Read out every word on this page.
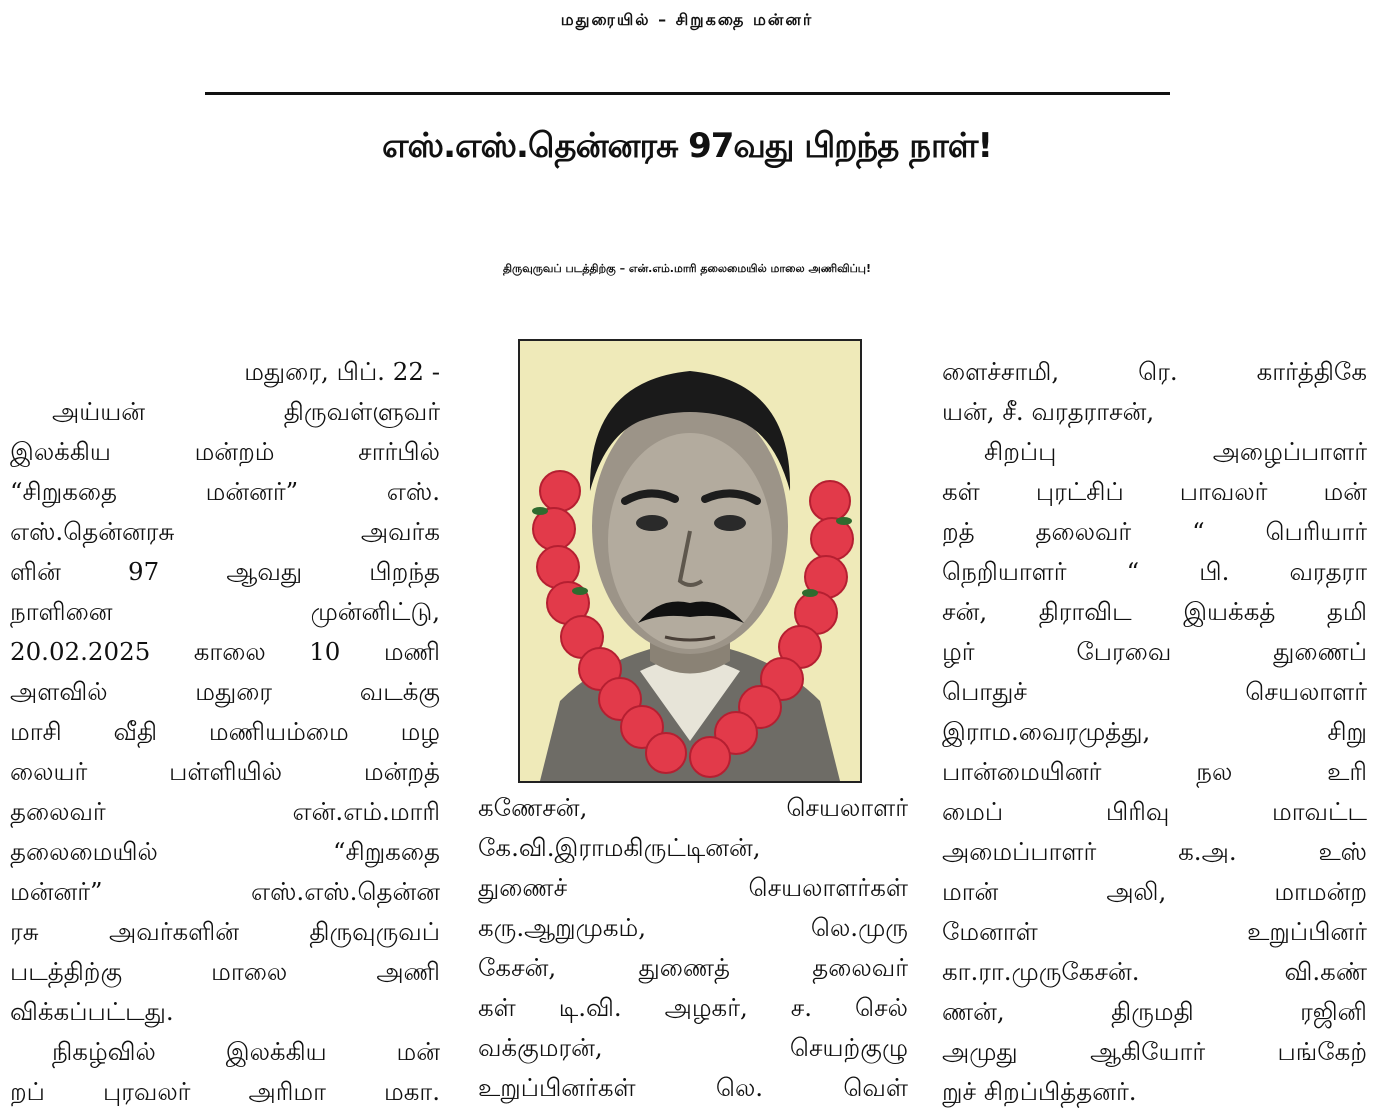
மதுரையில் – சிறுகதை மன்னர்
எஸ்.எஸ்.தென்னரசு 97வது பிறந்த நாள்!
திருவுருவப் படத்திற்கு – என்.எம்.மாரி தலைமையில் மாலை அணிவிப்பு!

மதுரை, பிப். 22 -

அய்யன் திருவள்ளுவர்

இலக்கிய மன்றம் சார்பில்

“சிறுகதை மன்னர்” எஸ்.

எஸ்.தென்னரசு அவர்க

ளின் 97 ஆவது பிறந்த

நாளினை முன்னிட்டு,

20.02.2025 காலை 10 மணி

அளவில் மதுரை வடக்கு

மாசி வீதி மணியம்மை மழ

லையர் பள்ளியில் மன்றத்

தலைவர் என்.எம்.மாரி

தலைமையில் “சிறுகதை

மன்னர்” எஸ்.எஸ்.தென்ன

ரசு அவர்களின் திருவுருவப்

படத்திற்கு மாலை அணி

விக்கப்பட்டது.

நிகழ்வில் இலக்கிய மன்

றப் புரவலர் அரிமா மகா.

கணேசன், செயலாளர்

கே.வி.இராமகிருட்டினன்,

துணைச் செயலாளர்கள்

கரு.ஆறுமுகம், லெ.முரு

கேசன், துணைத் தலைவர்

கள் டி.வி. அழகர், ச. செல்

வக்குமரன், செயற்குழு

உறுப்பினர்கள் லெ. வெள்

ளைச்சாமி, ரெ. கார்த்திகே

யன், சீ. வரதராசன்,

சிறப்பு அழைப்பாளர்

கள் புரட்சிப் பாவலர் மன்

றத் தலைவர் “ பெரியார்

நெறியாளர் “ பி. வரதரா

சன், திராவிட இயக்கத் தமி

ழர் பேரவை துணைப்

பொதுச் செயலாளர்

இராம.வைரமுத்து, சிறு

பான்மையினர் நல உரி

மைப் பிரிவு மாவட்ட

அமைப்பாளர் க.அ. உஸ்

மான் அலி, மாமன்ற

மேனாள் உறுப்பினர்

கா.ரா.முருகேசன். வி.கண்

ணன், திருமதி ரஜினி

அமுது ஆகியோர் பங்கேற்

றுச் சிறப்பித்தனர்.
